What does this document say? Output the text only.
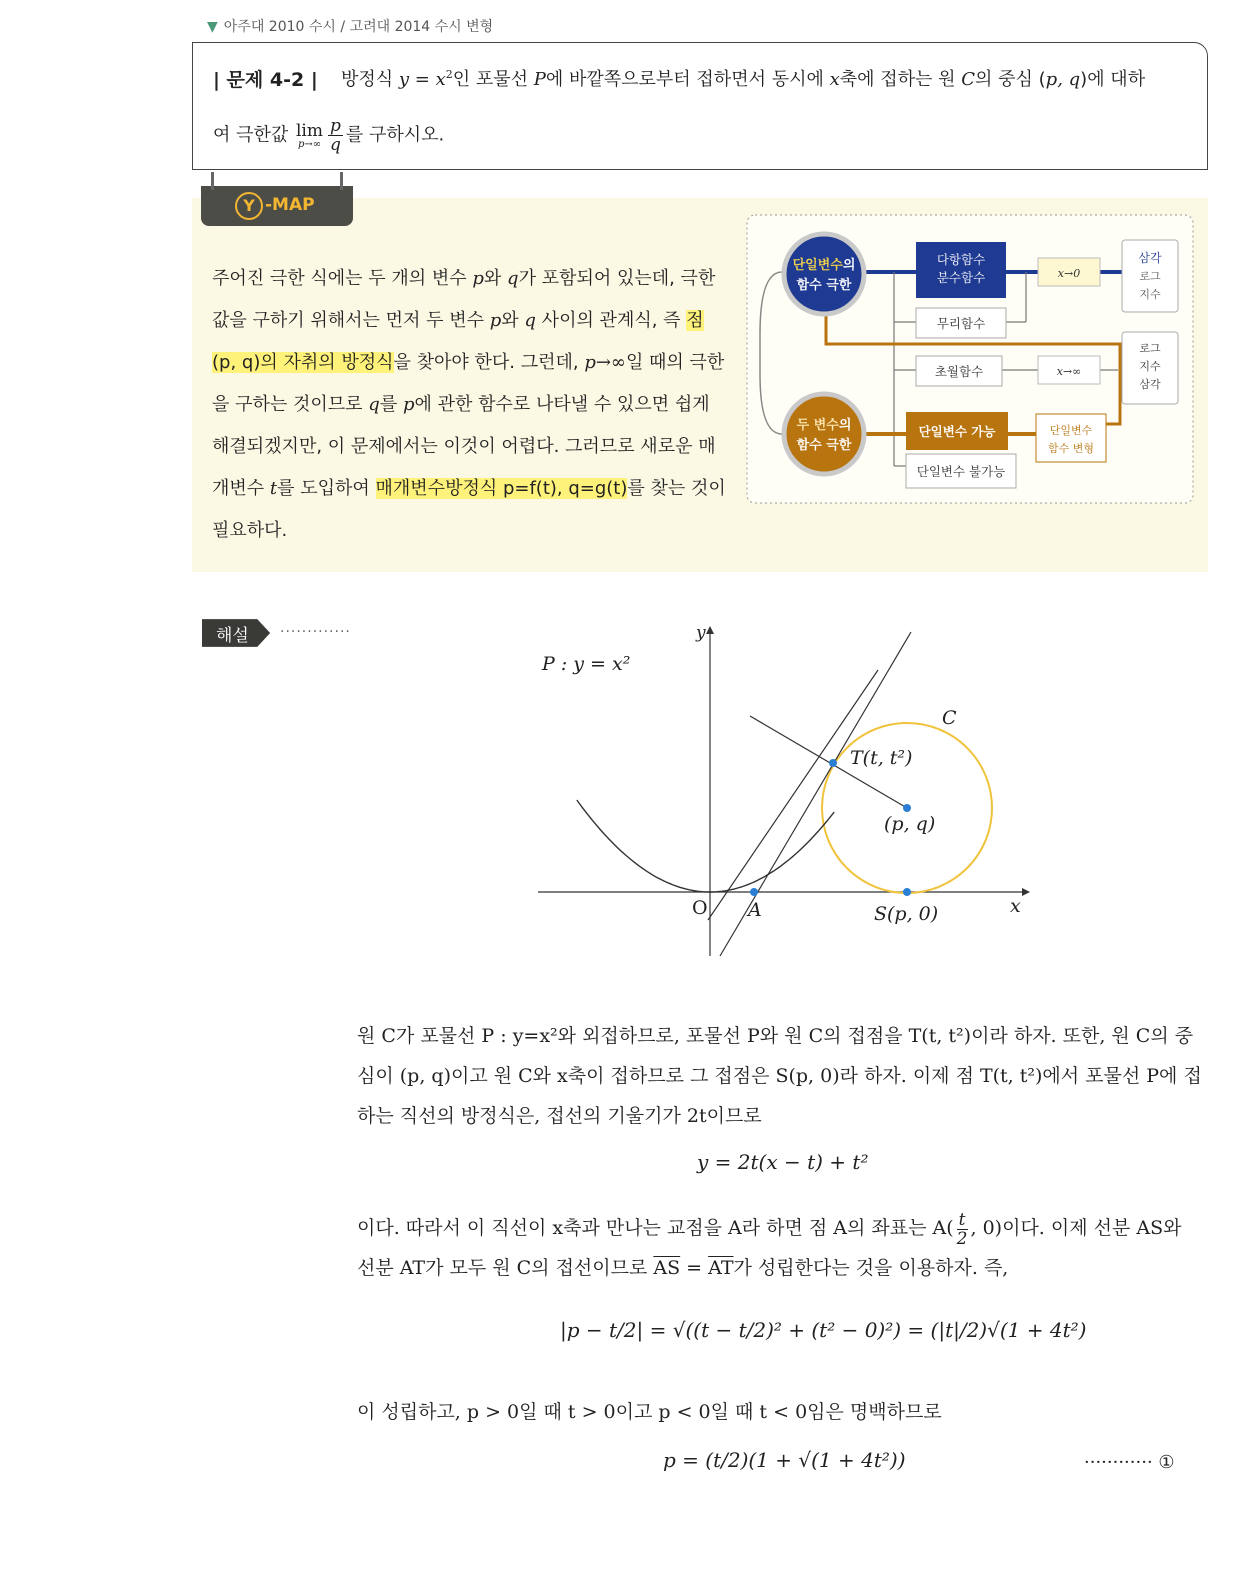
▼ 아주대 2010 수시 / 고려대 2014 수시 변형
| 문제 4-2 | 방정식 $y = x^2$인 포물선 P에 바깥쪽으로부터 접하면서 동시에 x축에 접하는 원 C의 중심 (p, q)에 대하
여 극한값 lim
$p\to\infty \frac{p}{q}$ 를 구하시오.
Y -MAP
주어진 극한 식에는 두 개의 변수 p와 q가 포함되어 있는데, 극한 값을 구하기 위해서는 먼저 두 변수 p와 q 사이의 관계식, 즉 점 (p, q)의 자취의 방정식을 찾아야 한다. 그런데, p→∞일 때의 극한을 구하는 것이므로 q를 p에 관한 함수로 나타낼 수 있으면 쉽게 해결되겠지만, 이 문제에서는 이것이 어렵다. 그러므로 새로운 매개변수 t를 도입하여 매개변수방정식 p=f(t), q=g(t)를 찾는 것이 필요하다.
단일변수의
함수 극한
두 변수의
함수 극한
다항함수
분수함수
무리함수
초월함수
x→0
x→∞
삼각
로그
지수
로그
지수
삼각
단일변수 가능
단일변수 불가능
단일변수
함수 변형
해설 ·············
P : y = x²
y
x
O A	S(p, 0)
T(t, t²)
(p, q)
C
원 C가 포물선 P : y=x²와 외접하므로, 포물선 P와 원 C의 접점을 T(t, t²)이라 하자. 또한, 원 C의 중심이 (p, q)이고 원 C와 x축이 접하므로 그 접점은 S(p, 0)라 하자. 이제 점 T(t, t²)에서 포물선 P에 접하는 직선의 방정식은, 접선의 기울기가 2t이므로
y = 2t(x − t) + t²
이다. 따라서 이 직선이 x축과 만나는 교점을 A라 하면 점 A의 좌표는 $A( \frac{t}{2}$ , 0)이다. 이제 선분 AS와 선분 AT가 모두 원 C의 접선이므로 $\overline{AS} = \overline{AT}$가 성립한다는 것을 이용하자. 즉,
|p − t/2| = √((t − t/2)² + (t² − 0)²) = (|t|/2)√(1 + 4t²)
이 성립하고, p > 0일 때 t > 0이고 p < 0일 때 t < 0임은 명백하므로
p = (t/2)(1 + √(1 + 4t²))	············ ①
